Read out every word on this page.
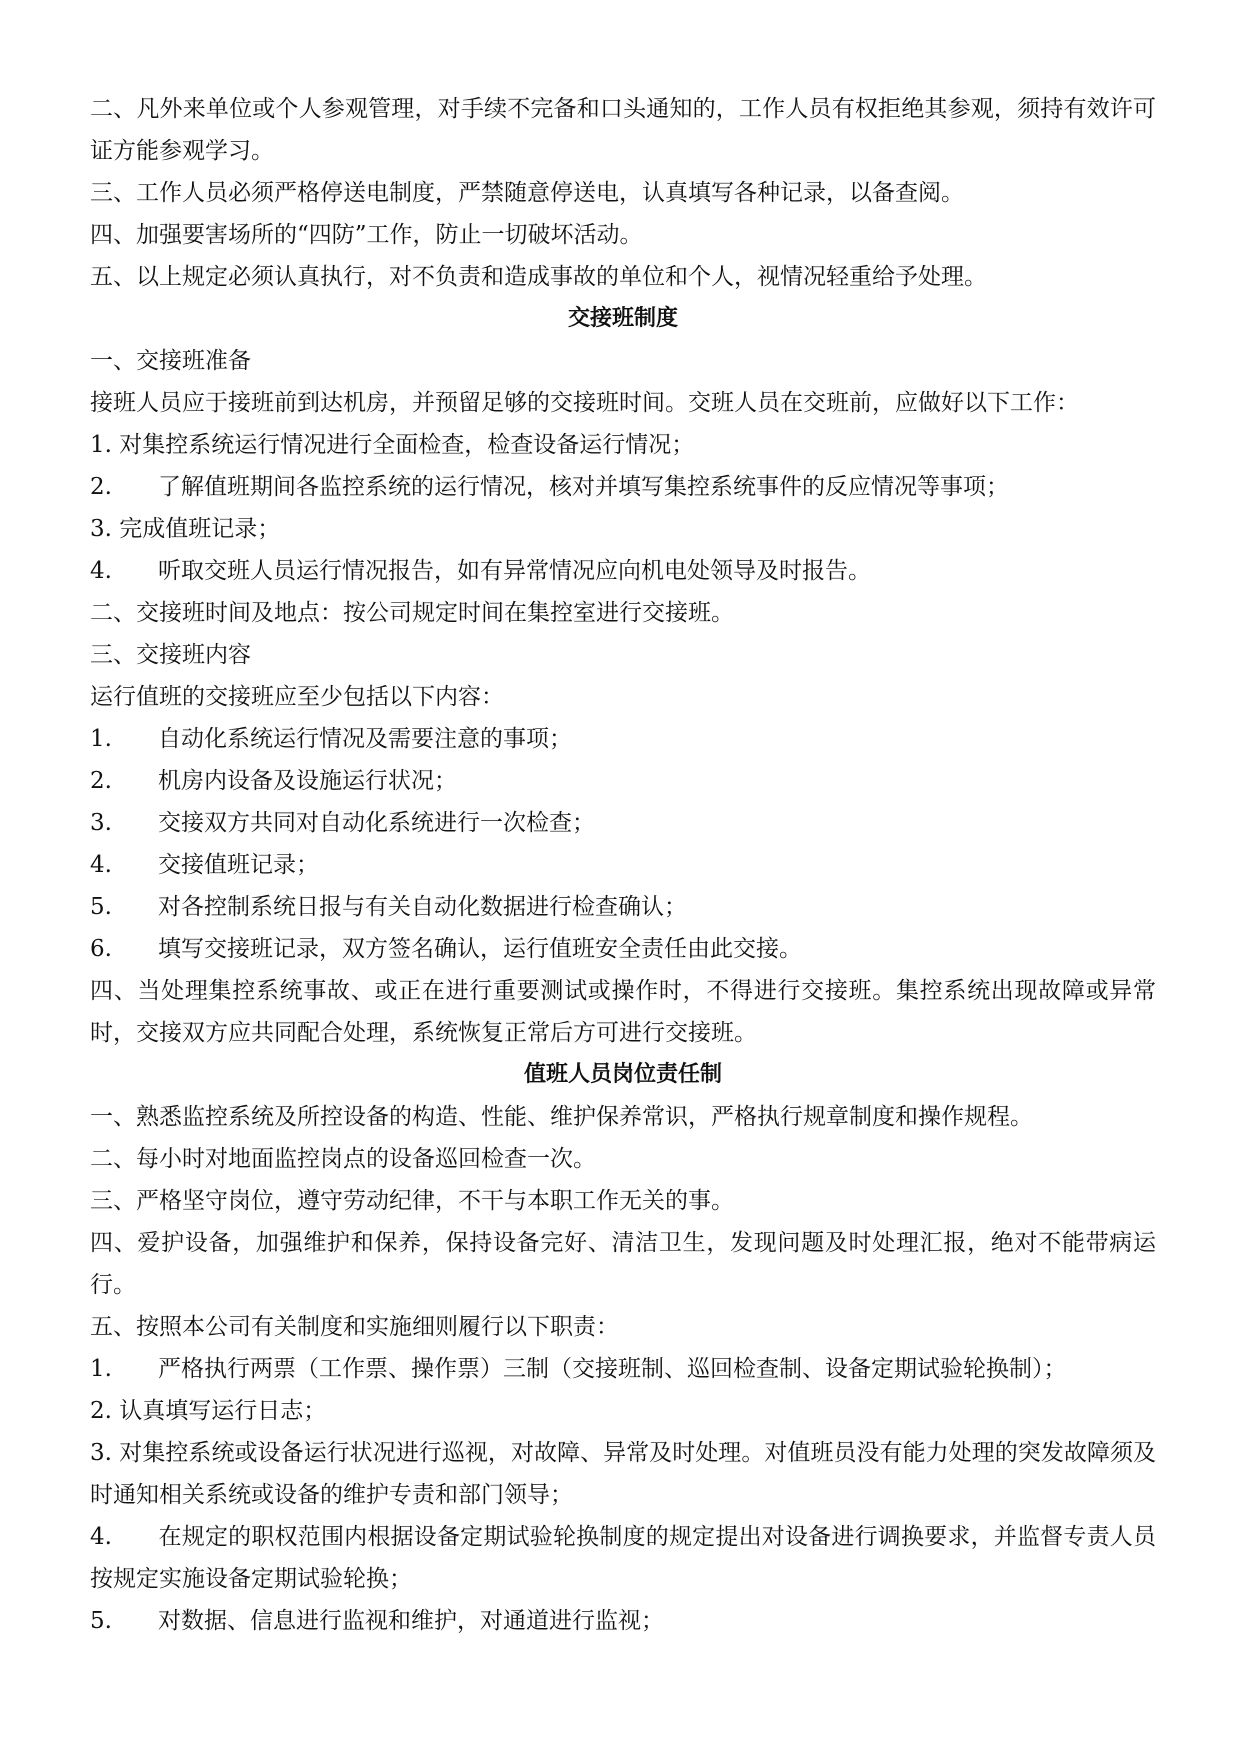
二、凡外来单位或个人参观管理，对手续不完备和口头通知的，工作人员有权拒绝其参观，须持有效许可证方能参观学习。

三、工作人员必须严格停送电制度，严禁随意停送电，认真填写各种记录，以备查阅。

四、加强要害场所的“四防”工作，防止一切破坏活动。

五、以上规定必须认真执行，对不负责和造成事故的单位和个人，视情况轻重给予处理。

交接班制度

一、交接班准备

接班人员应于接班前到达机房，并预留足够的交接班时间。交班人员在交班前，应做好以下工作：

1. 对集控系统运行情况进行全面检查，检查设备运行情况；

2.　　了解值班期间各监控系统的运行情况，核对并填写集控系统事件的反应情况等事项；

3. 完成值班记录；

4.　　听取交班人员运行情况报告，如有异常情况应向机电处领导及时报告。

二、交接班时间及地点：按公司规定时间在集控室进行交接班。

三、交接班内容

运行值班的交接班应至少包括以下内容：

1.　　自动化系统运行情况及需要注意的事项；

2.　　机房内设备及设施运行状况；

3.　　交接双方共同对自动化系统进行一次检查；

4.　　交接值班记录；

5.　　对各控制系统日报与有关自动化数据进行检查确认；

6.　　填写交接班记录，双方签名确认，运行值班安全责任由此交接。

四、当处理集控系统事故、或正在进行重要测试或操作时，不得进行交接班。集控系统出现故障或异常时，交接双方应共同配合处理，系统恢复正常后方可进行交接班。

值班人员岗位责任制

一、熟悉监控系统及所控设备的构造、性能、维护保养常识，严格执行规章制度和操作规程。

二、每小时对地面监控岗点的设备巡回检查一次。

三、严格坚守岗位，遵守劳动纪律，不干与本职工作无关的事。

四、爱护设备，加强维护和保养，保持设备完好、清洁卫生，发现问题及时处理汇报，绝对不能带病运行。

五、按照本公司有关制度和实施细则履行以下职责：

1.　　严格执行两票（工作票、操作票）三制（交接班制、巡回检查制、设备定期试验轮换制）；

2. 认真填写运行日志；

3. 对集控系统或设备运行状况进行巡视，对故障、异常及时处理。对值班员没有能力处理的突发故障须及时通知相关系统或设备的维护专责和部门领导；

4.　　在规定的职权范围内根据设备定期试验轮换制度的规定提出对设备进行调换要求，并监督专责人员按规定实施设备定期试验轮换；

5.　　对数据、信息进行监视和维护，对通道进行监视；
